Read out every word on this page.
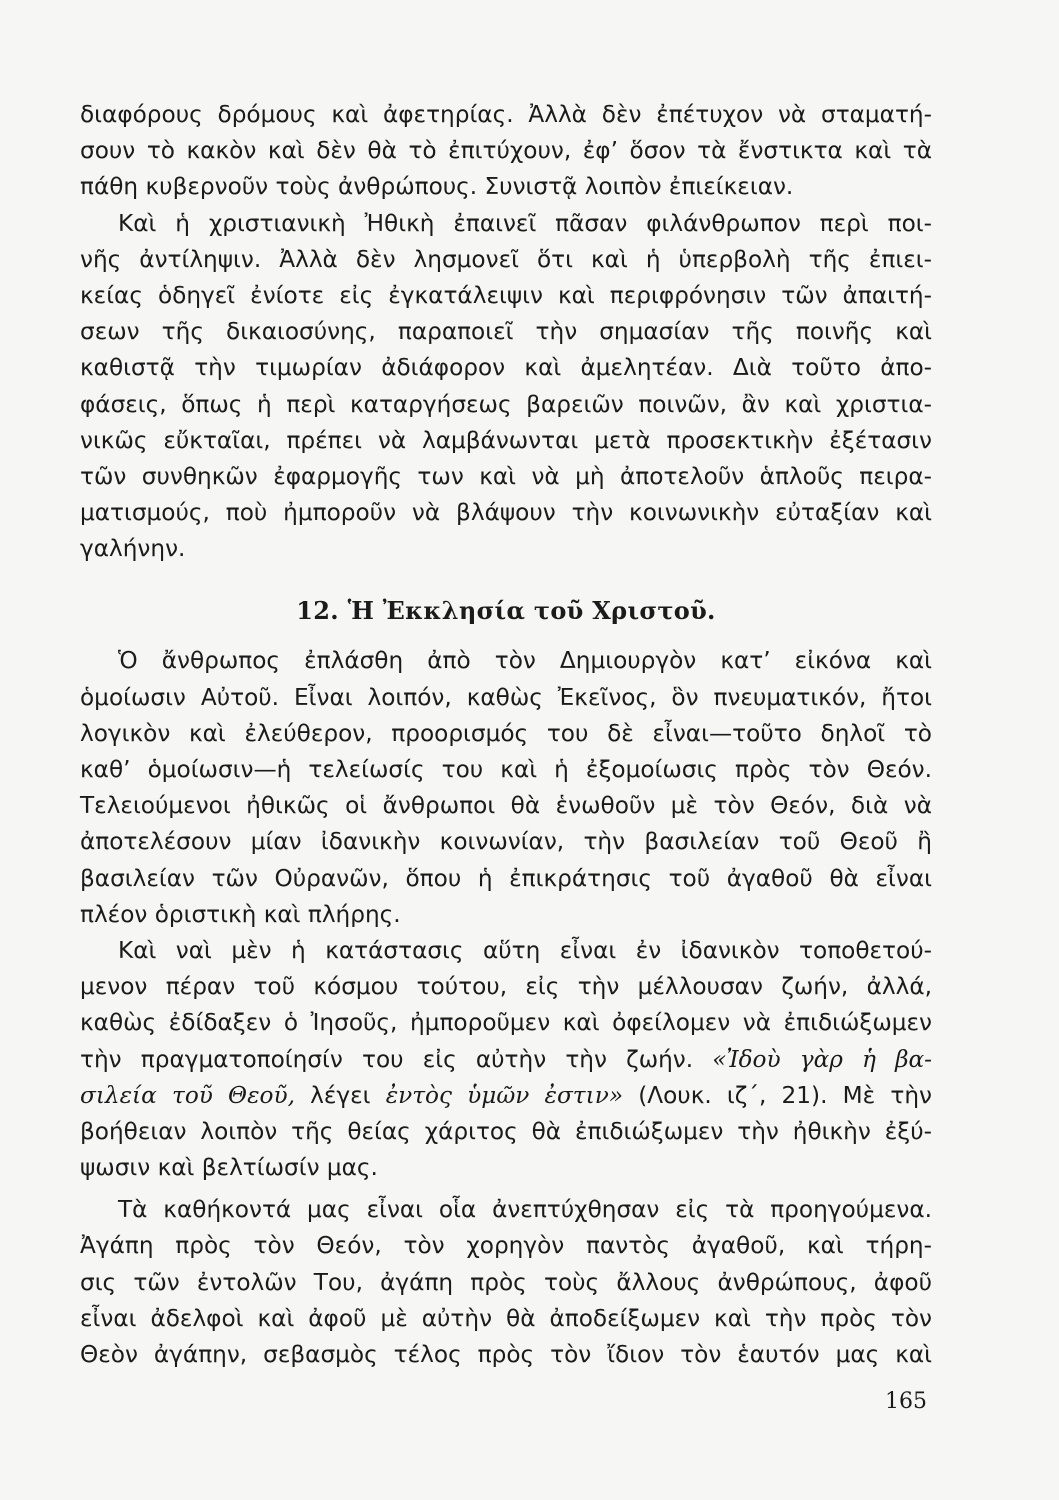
διαφόρους δρόμους καὶ ἀφετηρίας. Ἀλλὰ δὲν ἐπέτυχον νὰ σταματή-
σουν τὸ κακὸν καὶ δὲν θὰ τὸ ἐπιτύχουν, ἐφ’ ὅσον τὰ ἔνστικτα καὶ τὰ
πάθη κυβερνοῦν τοὺς ἀνθρώπους. Συνιστᾷ λοιπὸν ἐπιείκειαν.
Καὶ ἡ χριστιανικὴ Ἠθικὴ ἐπαινεῖ πᾶσαν φιλάνθρωπον περὶ ποι-
νῆς ἀντίληψιν. Ἀλλὰ δὲν λησμονεῖ ὅτι καὶ ἡ ὑπερβολὴ τῆς ἐπιει-
κείας ὁδηγεῖ ἐνίοτε εἰς ἐγκατάλειψιν καὶ περιφρόνησιν τῶν ἀπαιτή-
σεων τῆς δικαιοσύνης, παραποιεῖ τὴν σημασίαν τῆς ποινῆς καὶ
καθιστᾷ τὴν τιμωρίαν ἀδιάφορον καὶ ἀμελητέαν. Διὰ τοῦτο ἀπο-
φάσεις, ὅπως ἡ περὶ καταργήσεως βαρειῶν ποινῶν, ἂν καὶ χριστια-
νικῶς εὔκταῖαι, πρέπει νὰ λαμβάνωνται μετὰ προσεκτικὴν ἐξέτασιν
τῶν συνθηκῶν ἐφαρμογῆς των καὶ νὰ μὴ ἀποτελοῦν ἁπλοῦς πειρα-
ματισμούς, ποὺ ἠμποροῦν νὰ βλάψουν τὴν κοινωνικὴν εὐταξίαν καὶ
γαλήνην.
12. Ἡ Ἐκκλησία τοῦ Χριστοῦ.
Ὁ ἄνθρωπος ἐπλάσθη ἀπὸ τὸν Δημιουργὸν κατ’ εἰκόνα καὶ
ὁμοίωσιν Αὐτοῦ. Εἶναι λοιπόν, καθὼς Ἐκεῖνος, ὃν πνευματικόν, ἤτοι
λογικὸν καὶ ἐλεύθερον, προορισμός του δὲ εἶναι—τοῦτο δηλοῖ τὸ
καθ’ ὁμοίωσιν—ἡ τελείωσίς του καὶ ἡ ἐξομοίωσις πρὸς τὸν Θεόν.
Τελειούμενοι ἠθικῶς οἱ ἄνθρωποι θὰ ἑνωθοῦν μὲ τὸν Θεόν, διὰ νὰ
ἀποτελέσουν μίαν ἰδανικὴν κοινωνίαν, τὴν βασιλείαν τοῦ Θεοῦ ἢ
βασιλείαν τῶν Οὐρανῶν, ὅπου ἡ ἐπικράτησις τοῦ ἀγαθοῦ θὰ εἶναι
πλέον ὁριστικὴ καὶ πλήρης.
Καὶ ναὶ μὲν ἡ κατάστασις αὕτη εἶναι ἐν ἰδανικὸν τοποθετού-
μενον πέραν τοῦ κόσμου τούτου, εἰς τὴν μέλλουσαν ζωήν, ἀλλά,
καθὼς ἐδίδαξεν ὁ Ἰησοῦς, ἠμποροῦμεν καὶ ὀφείλομεν νὰ ἐπιδιώξωμεν
τὴν πραγματοποίησίν του εἰς αὐτὴν τὴν ζωήν. «Ἰδοὺ γὰρ ἡ βα-
σιλεία τοῦ Θεοῦ, λέγει ἐντὸς ὑμῶν ἐστιν» (Λουκ. ιζ΄, 21). Μὲ τὴν
βοήθειαν λοιπὸν τῆς θείας χάριτος θὰ ἐπιδιώξωμεν τὴν ἠθικὴν ἐξύ-
ψωσιν καὶ βελτίωσίν μας.
Τὰ καθήκοντά μας εἶναι οἷα ἀνεπτύχθησαν εἰς τὰ προηγούμενα.
Ἀγάπη πρὸς τὸν Θεόν, τὸν χορηγὸν παντὸς ἀγαθοῦ, καὶ τήρη-
σις τῶν ἐντολῶν Του, ἀγάπη πρὸς τοὺς ἄλλους ἀνθρώπους, ἀφοῦ
εἶναι ἀδελφοὶ καὶ ἀφοῦ μὲ αὐτὴν θὰ ἀποδείξωμεν καὶ τὴν πρὸς τὸν
Θεὸν ἀγάπην, σεβασμὸς τέλος πρὸς τὸν ἴδιον τὸν ἑαυτόν μας καὶ
165
